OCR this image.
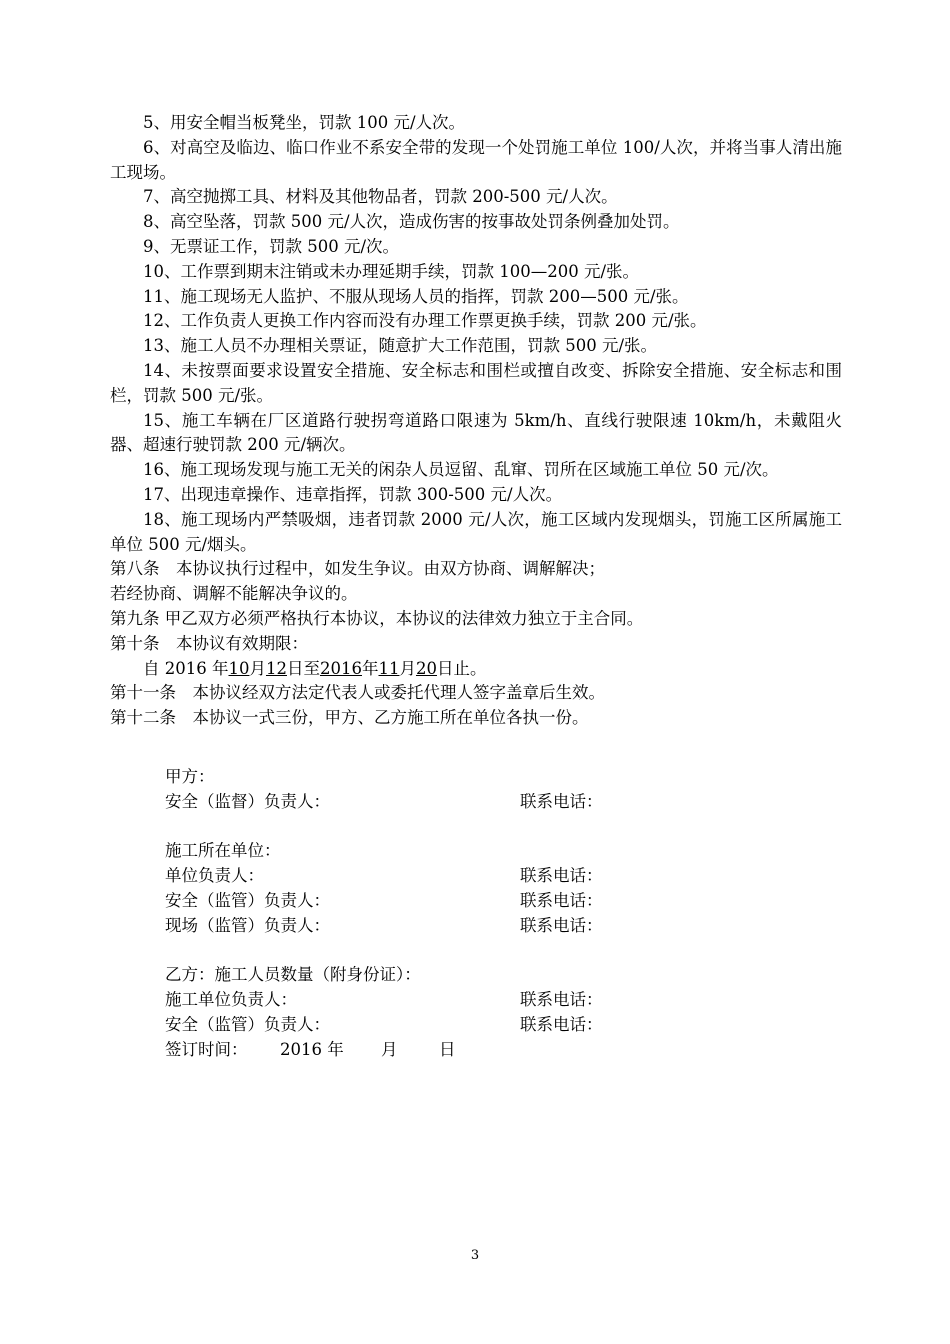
5、用安全帽当板凳坐，罚款 100 元/人次。

6、对高空及临边、临口作业不系安全带的发现一个处罚施工单位 100/人次，并将当事人清出施工现场。

7、高空抛掷工具、材料及其他物品者，罚款 200-500 元/人次。

8、高空坠落，罚款 500 元/人次，造成伤害的按事故处罚条例叠加处罚。

9、无票证工作，罚款 500 元/次。

10、工作票到期末注销或未办理延期手续，罚款 100—200 元/张。

11、施工现场无人监护、不服从现场人员的指挥，罚款 200—500 元/张。

12、工作负责人更换工作内容而没有办理工作票更换手续，罚款 200 元/张。

13、施工人员不办理相关票证，随意扩大工作范围，罚款 500 元/张。

14、未按票面要求设置安全措施、安全标志和围栏或擅自改变、拆除安全措施、安全标志和围栏，罚款 500 元/张。

15、施工车辆在厂区道路行驶拐弯道路口限速为 5km/h、直线行驶限速 10km/h，未戴阻火器、超速行驶罚款 200 元/辆次。

16、施工现场发现与施工无关的闲杂人员逗留、乱窜、罚所在区域施工单位 50 元/次。

17、出现违章操作、违章指挥，罚款 300-500 元/人次。

18、施工现场内严禁吸烟，违者罚款 2000 元/人次，施工区域内发现烟头，罚施工区所属施工单位 500 元/烟头。

第八条　本协议执行过程中，如发生争议。由双方协商、调解解决；

若经协商、调解不能解决争议的。

第九条 甲乙双方必须严格执行本协议，本协议的法律效力独立于主合同。

第十条　本协议有效期限：

自 2016 年10月12日至2016年11月20日止。

第十一条　本协议经双方法定代表人或委托代理人签字盖章后生效。

第十二条　本协议一式三份，甲方、乙方施工所在单位各执一份。

甲方：
安全（监督）负责人：	联系电话：
施工所在单位：
单位负责人：	联系电话：
安全（监管）负责人：	联系电话：
现场（监管）负责人：	联系电话：
乙方：施工人员数量（附身份证）：
施工单位负责人：	联系电话：
安全（监管）负责人：	联系电话：
签订时间： 2016 年 月	日
3
